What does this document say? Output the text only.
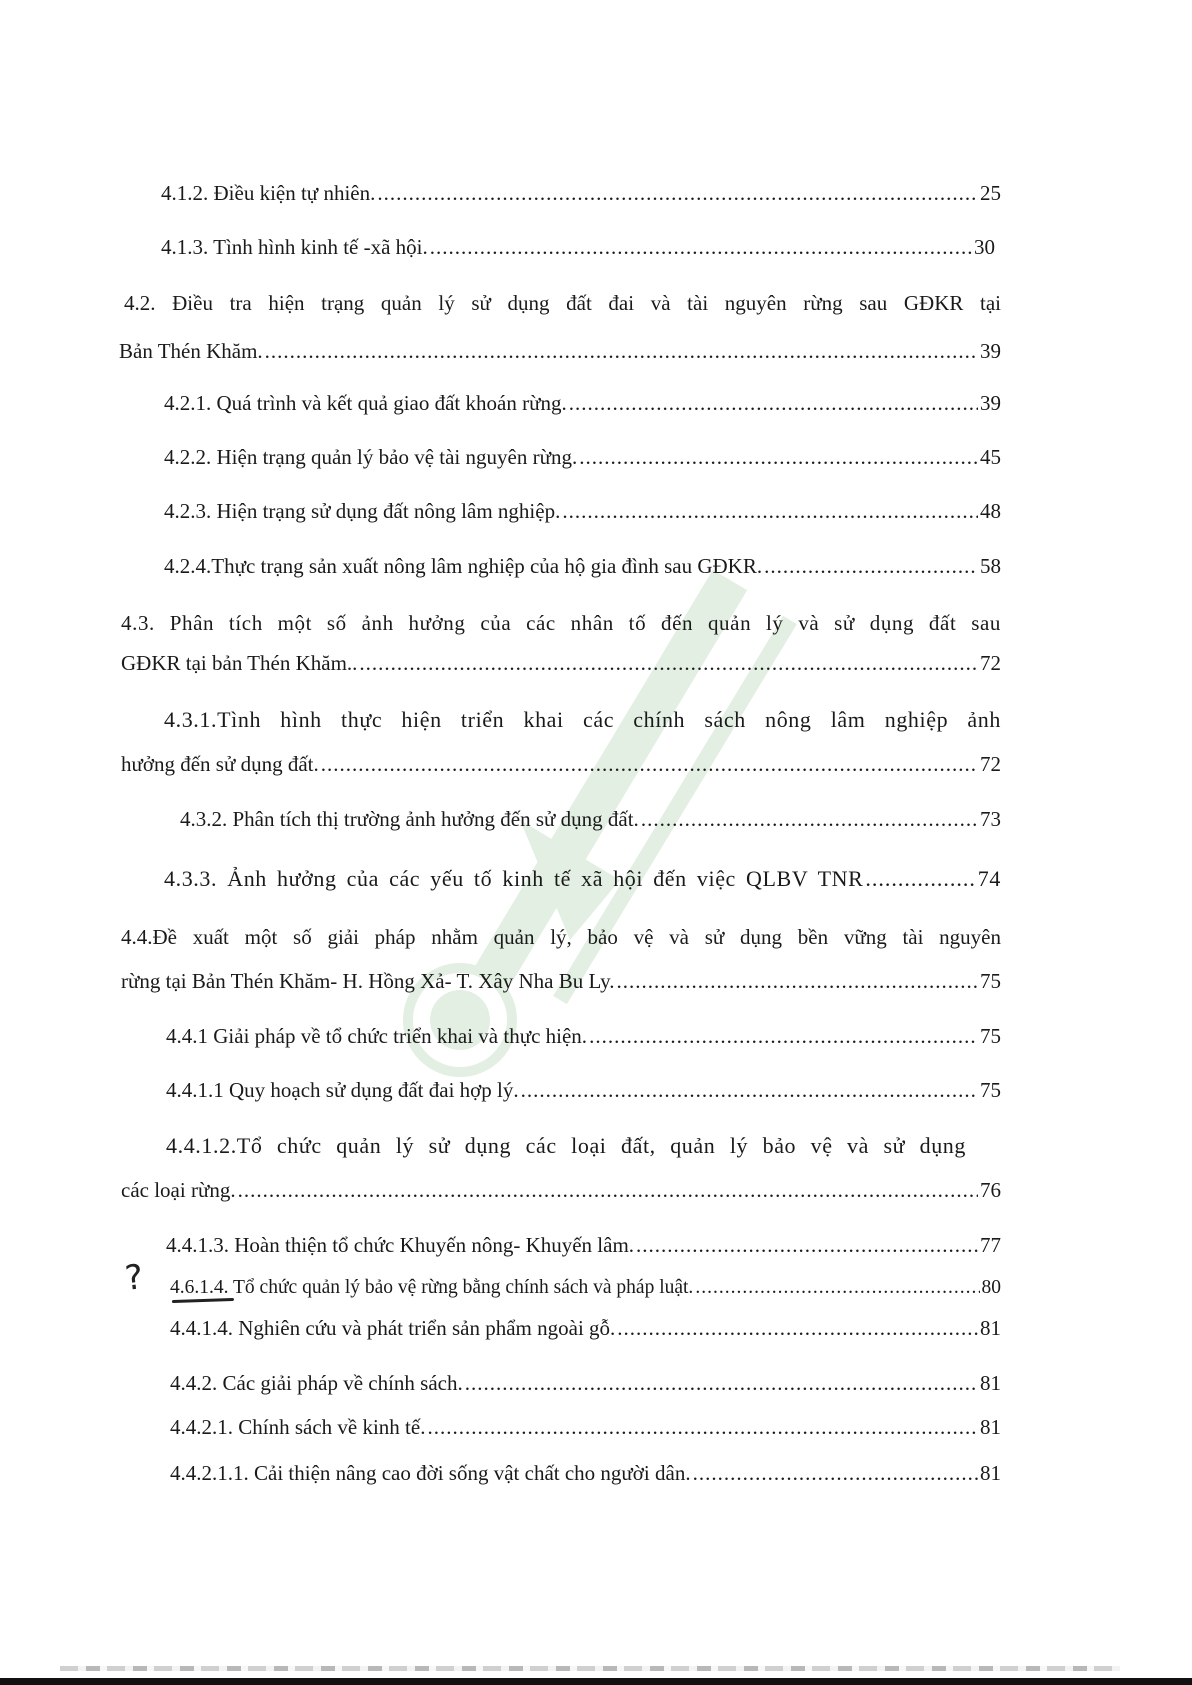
4.1.2. Điều kiện tự nhiên. .....	25
4.1.3. Tình hình kinh tế -xã hội. .....	30
4.2. Điều tra hiện trạng quản lý sử dụng đất đai và tài nguyên rừng sau GĐKR tại
Bản Thén Khăm. .....	39
4.2.1. Quá trình và kết quả giao đất khoán rừng. .....	39
4.2.2. Hiện trạng quản lý bảo vệ tài nguyên rừng. .....	45
4.2.3. Hiện trạng sử dụng đất nông lâm nghiệp. .....	48
4.2.4.Thực trạng sản xuất nông lâm nghiệp của hộ gia đình sau GĐKR. .....	58
4.3. Phân tích một số ảnh hưởng của các nhân tố đến quản lý và sử dụng đất sau
GĐKR tại bản Thén Khăm.. .....	72
4.3.1.Tình hình thực hiện triển khai các chính sách nông lâm nghiệp ảnh
hưởng đến sử dụng đất. .....	72
4.3.2. Phân tích thị trường ảnh hưởng đến sử dụng đất. .....	73
4.3.3. Ảnh hưởng của các yếu tố kinh tế xã hội đến việc QLBV TNR .....	74
4.4.Đề xuất một số giải pháp nhằm quản lý, bảo vệ và sử dụng bền vững tài nguyên
rừng tại Bản Thén Khăm- H. Hồng Xả- T. Xây Nha Bu Ly. .....	75
4.4.1 Giải pháp về tổ chức triển khai và thực hiện. .....	75
4.4.1.1 Quy hoạch sử dụng đất đai hợp lý. .....	75
4.4.1.2.Tổ chức quản lý sử dụng các loại đất, quản lý bảo vệ và sử dụng
các loại rừng. .....	76
4.4.1.3. Hoàn thiện tổ chức Khuyến nông- Khuyến lâm. .....	77
? 4.6.1.4. Tổ chức quản lý bảo vệ rừng bằng chính sách và pháp luật. .....	80
4.4.1.4. Nghiên cứu và phát triển sản phẩm ngoài gỗ. .....	81
4.4.2. Các giải pháp về chính sách. .....	81
4.4.2.1. Chính sách về kinh tế. .....	81
4.4.2.1.1. Cải thiện nâng cao đời sống vật chất cho người dân. .....	81
